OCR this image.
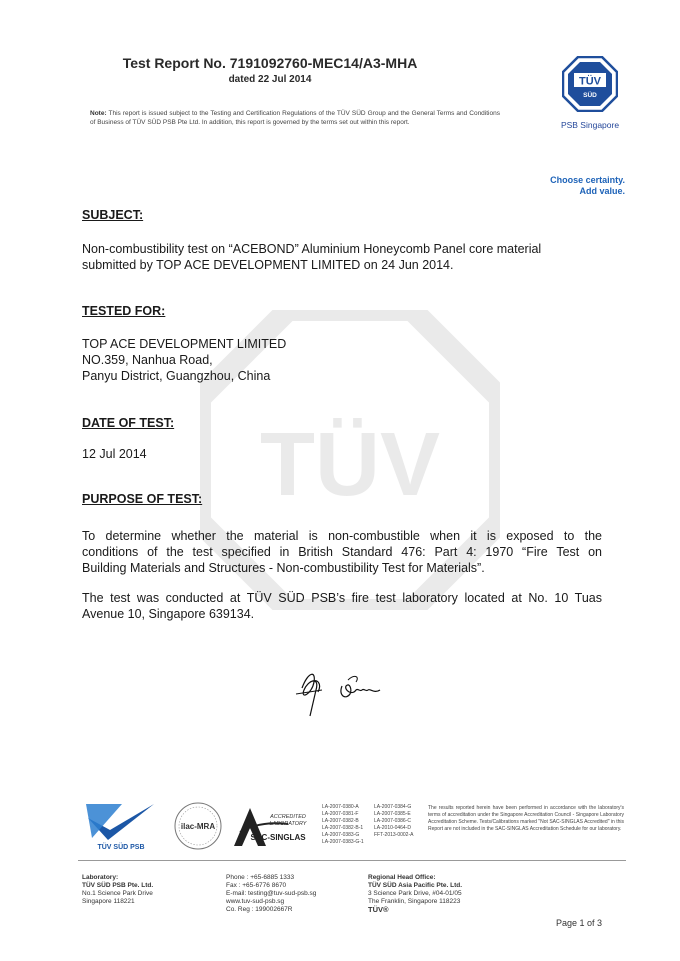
TÜV
Test Report No. 7191092760-MEC14/A3-MHA
dated 22 Jul 2014
Note: This report is issued subject to the Testing and Certification Regulations of the TÜV SÜD Group and the General Terms and Conditions of Business of TÜV SÜD PSB Pte Ltd. In addition, this report is governed by the terms set out within this report.
TÜV
SÜD
PSB Singapore
Choose certainty.
Add value.
SUBJECT:
Non-combustibility test on “ACEBOND” Aluminium Honeycomb Panel core material
submitted by TOP ACE DEVELOPMENT LIMITED on 24 Jun 2014.
TESTED FOR:
TOP ACE DEVELOPMENT LIMITED
NO.359, Nanhua Road,
Panyu District, Guangzhou, China
DATE OF TEST:
12 Jul 2014
PURPOSE OF TEST:
To determine whether the material is non-combustible when it is exposed to the
conditions of the test specified in British Standard 476: Part 4: 1970 “Fire Test on
Building Materials and Structures - Non-combustibility Test for Materials”.
The test was conducted at TÜV SÜD PSB’s fire test laboratory located at No. 10 Tuas
Avenue 10, Singapore 639134.
TÜV SÜD PSB
ilac-MRA
ACCREDITED
LABORATORY
SAC-SINGLAS
LA-2007-0380-A
LA-2007-0381-F
LA-2007-0382-B
LA-2007-0382-B-1
LA-2007-0383-G
LA-2007-0383-G-1
LA-2007-0384-G
LA-2007-0385-E
LA-2007-0386-C
LA-2010-0464-D
FFT-2013-0002-A
The results reported herein have been performed in accordance with the laboratory's terms of accreditation under the Singapore Accreditation Council - Singapore Laboratory Accreditation Scheme. Tests/Calibrations marked "Not SAC-SINGLAS Accredited" in this Report are not included in the SAC-SINGLAS Accreditation Schedule for our laboratory.
Laboratory:
TÜV SÜD PSB Pte. Ltd.
No.1 Science Park Drive
Singapore 118221
Phone : +65-6885 1333
Fax : +65-6776 8670
E-mail: testing@tuv-sud-psb.sg
www.tuv-sud-psb.sg
Co. Reg : 199002667R
Regional Head Office:
TÜV SÜD Asia Pacific Pte. Ltd.
3 Science Park Drive, #04-01/05
The Franklin, Singapore 118223
TÜV®
Page 1 of 3
